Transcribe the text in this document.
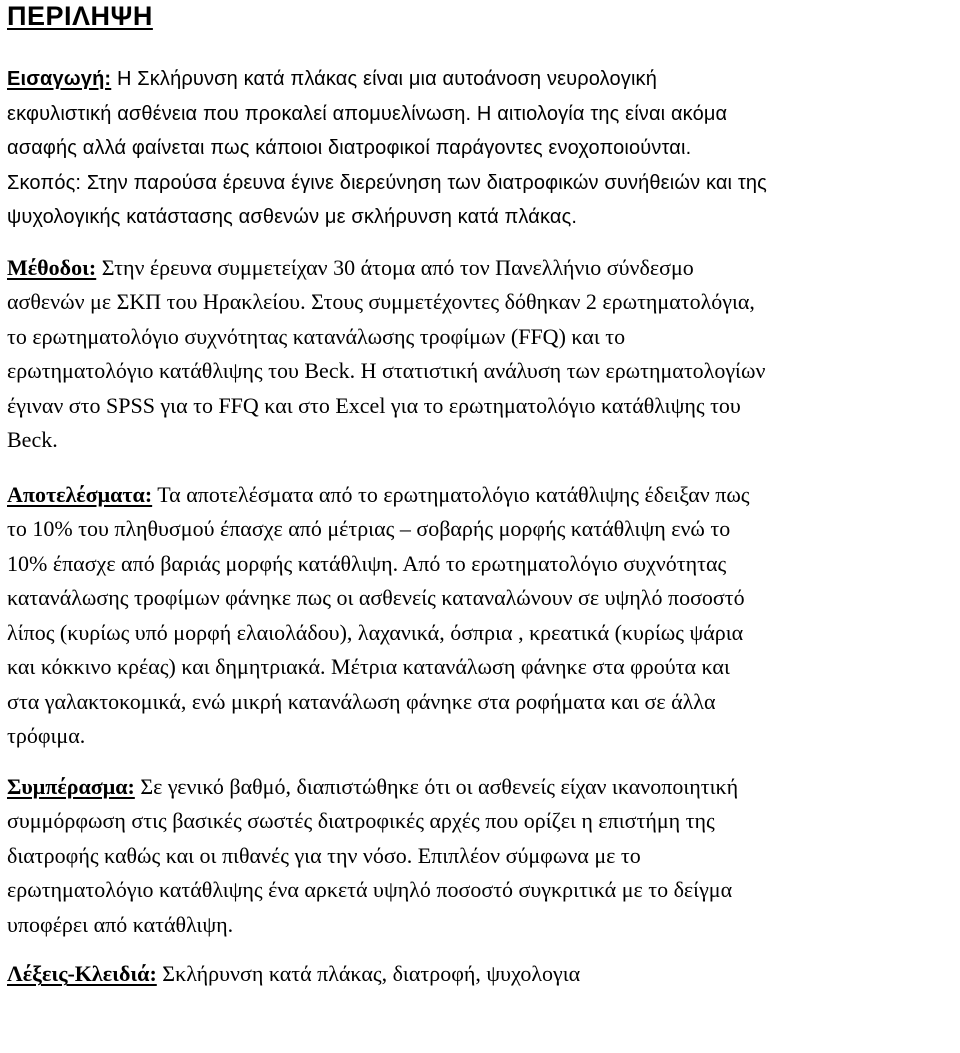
ΠΕΡΙΛΗΨΗ

Εισαγωγή: Η Σκλήρυνση κατά πλάκας είναι μια αυτοάνοση νευρολογική
εκφυλιστική ασθένεια που προκαλεί απομυελίνωση. Η αιτιολογία της είναι ακόμα
ασαφής αλλά φαίνεται πως κάποιοι διατροφικοί παράγοντες ενοχοποιούνται.
Σκοπός: Στην παρούσα έρευνα έγινε διερεύνηση των διατροφικών συνήθειών και της
ψυχολογικής κατάστασης ασθενών με σκλήρυνση κατά πλάκας.

Μέθοδοι: Στην έρευνα συμμετείχαν 30 άτομα από τον Πανελλήνιο σύνδεσμο
ασθενών με ΣΚΠ του Ηρακλείου. Στους συμμετέχοντες δόθηκαν 2 ερωτηματολόγια,
το ερωτηματολόγιο συχνότητας κατανάλωσης τροφίμων (FFQ) και το
ερωτηματολόγιο κατάθλιψης του Beck. Η στατιστική ανάλυση των ερωτηματολογίων
έγιναν στο SPSS για το FFQ και στο Excel για το ερωτηματολόγιο κατάθλιψης του
Beck.

Αποτελέσματα: Τα αποτελέσματα από το ερωτηματολόγιο κατάθλιψης έδειξαν πως
το 10% του πληθυσμού έπασχε από μέτριας – σοβαρής μορφής κατάθλιψη ενώ το
10% έπασχε από βαριάς μορφής κατάθλιψη. Από το ερωτηματολόγιο συχνότητας
κατανάλωσης τροφίμων φάνηκε πως οι ασθενείς καταναλώνουν σε υψηλό ποσοστό
λίπος (κυρίως υπό μορφή ελαιολάδου), λαχανικά, όσπρια , κρεατικά (κυρίως ψάρια
και κόκκινο κρέας) και δημητριακά. Μέτρια κατανάλωση φάνηκε στα φρούτα και
στα γαλακτοκομικά, ενώ μικρή κατανάλωση φάνηκε στα ροφήματα και σε άλλα
τρόφιμα.

Συμπέρασμα: Σε γενικό βαθμό, διαπιστώθηκε ότι οι ασθενείς είχαν ικανοποιητική
συμμόρφωση στις βασικές σωστές διατροφικές αρχές που ορίζει η επιστήμη της
διατροφής καθώς και οι πιθανές για την νόσο. Επιπλέον σύμφωνα με το
ερωτηματολόγιο κατάθλιψης ένα αρκετά υψηλό ποσοστό συγκριτικά με το δείγμα
υποφέρει από κατάθλιψη.

Λέξεις-Κλειδιά: Σκλήρυνση κατά πλάκας, διατροφή, ψυχολογια
